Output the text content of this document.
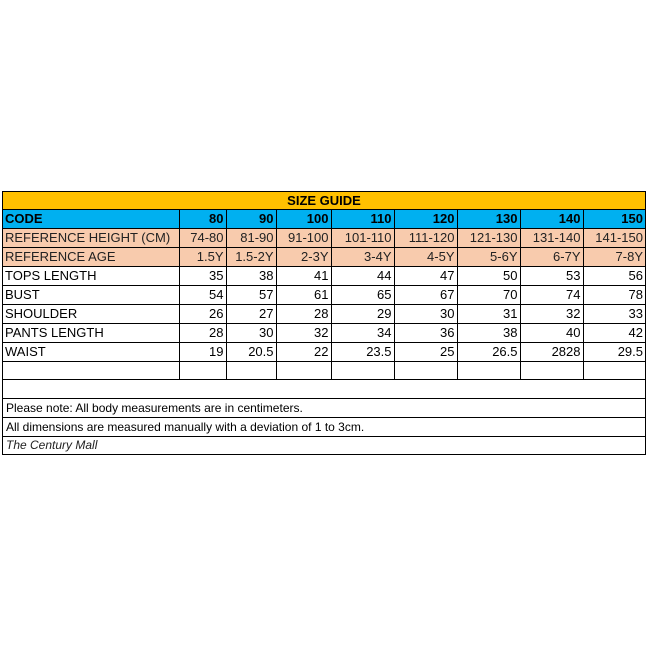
SIZE GUIDE
CODE	80	90	100	110	120	130	140	150
REFERENCE HEIGHT (CM)	74-80	81-90	91-100	101-110	111-120	121-130	131-140	141-150
REFERENCE AGE	1.5Y	1.5-2Y	2-3Y	3-4Y	4-5Y	5-6Y	6-7Y	7-8Y
TOPS LENGTH	35	38	41	44	47	50	53	56
BUST	54	57	61	65	67	70	74	78
SHOULDER	26	27	28	29	30	31	32	33
PANTS LENGTH	28	30	32	34	36	38	40	42
WAIST	19	20.5	22	23.5	25	26.5	2828	29.5

Please note: All body measurements are in centimeters.
All dimensions are measured manually with a deviation of 1 to 3cm.
The Century Mall
